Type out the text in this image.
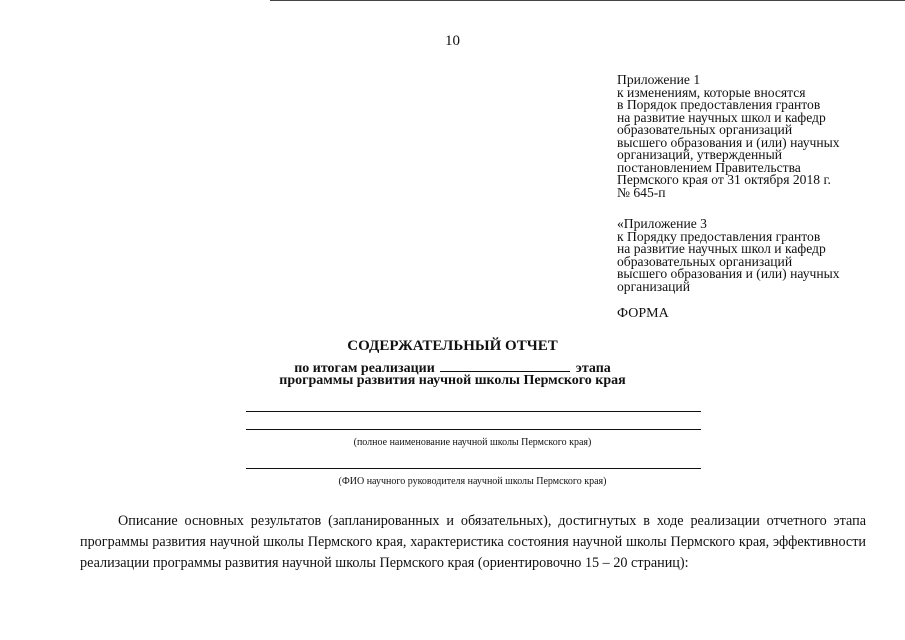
10
Приложение 1
к изменениям, которые вносятся
в Порядок предоставления грантов
на развитие научных школ и кафедр
образовательных организаций
высшего образования и (или) научных
организаций, утвержденный
постановлением Правительства
Пермского края от 31 октября 2018 г.
№ 645-п
«Приложение 3
к Порядку предоставления грантов
на развитие научных школ и кафедр
образовательных организаций
высшего образования и (или) научных
организаций
ФОРМА
СОДЕРЖАТЕЛЬНЫЙ ОТЧЕТ
по итогам реализации	этапа
программы развития научной школы Пермского края
(полное наименование научной школы Пермского края)
(ФИО научного руководителя научной школы Пермского края)
Описание основных результатов (запланированных и обязательных), достигнутых в ходе реализации отчетного этапа программы развития научной школы Пермского края, характеристика состояния научной школы Пермского края, эффективности реализации программы развития научной школы Пермского края (ориентировочно 15 – 20 страниц):
